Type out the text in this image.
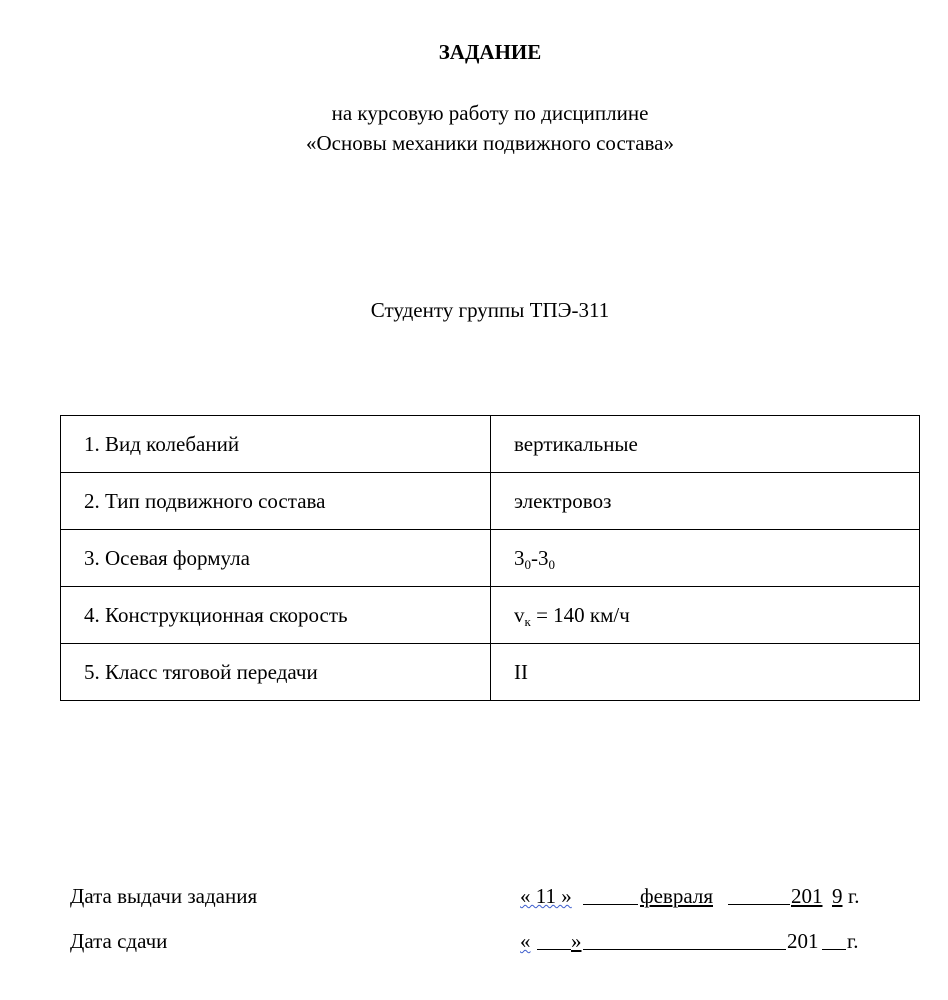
ЗАДАНИЕ
на курсовую работу по дисциплине
«Основы механики подвижного состава»
Студенту группы ТПЭ-311
1. Вид колебаний	вертикальные
2. Тип подвижного состава	электровоз
3. Осевая формула	$3_0-3_0$
4. Конструкционная скорость	$v_к = 140$ км/ч
5. Класс тяговой передачи	II
Дата выдачи задания	« 11 »	февраля	201 9 г.
Дата сдачи	« »	201 г.
